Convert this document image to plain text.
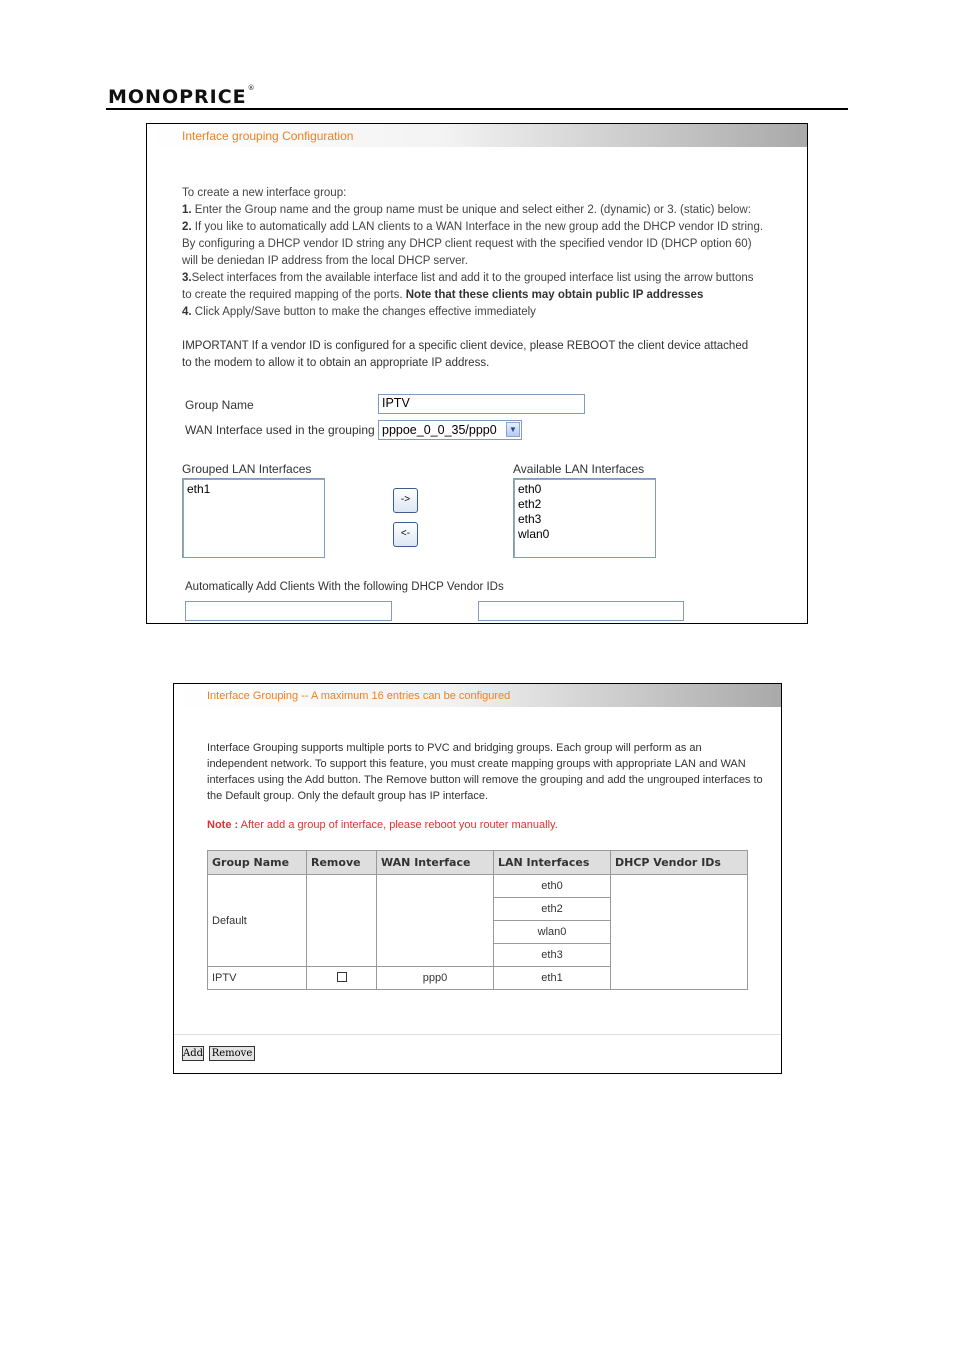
MONOPRICE®
Interface grouping Configuration
To create a new interface group:
1. Enter the Group name and the group name must be unique and select either 2. (dynamic) or 3. (static) below:
2. If you like to automatically add LAN clients to a WAN Interface in the new group add the DHCP vendor ID string.
By configuring a DHCP vendor ID string any DHCP client request with the specified vendor ID (DHCP option 60)
will be deniedan IP address from the local DHCP server.
3.Select interfaces from the available interface list and add it to the grouped interface list using the arrow buttons
to create the required mapping of the ports. Note that these clients may obtain public IP addresses
4. Click Apply/Save button to make the changes effective immediately
IMPORTANT If a vendor ID is configured for a specific client device, please REBOOT the client device attached
to the modem to allow it to obtain an appropriate IP address.
Group Name	IPTV
WAN Interface used in the grouping pppoe_0_0_35/ppp0	▼
Grouped LAN Interfaces
eth1
->
<-
Available LAN Interfaces
eth0
eth2
eth3
wlan0
Automatically Add Clients With the following DHCP Vendor IDs
Interface Grouping -- A maximum 16 entries can be configured
Interface Grouping supports multiple ports to PVC and bridging groups. Each group will perform as an
independent network. To support this feature, you must create mapping groups with appropriate LAN and WAN
interfaces using the Add button. The Remove button will remove the grouping and add the ungrouped interfaces to
the Default group. Only the default group has IP interface.
Note : After add a group of interface, please reboot you router manually.
Group Name	Remove	WAN Interface	LAN Interfaces	DHCP Vendor IDs
Default			eth0	
			eth2	
			wlan0	
			eth3	
IPTV		ppp0	eth1	
Add Remove
